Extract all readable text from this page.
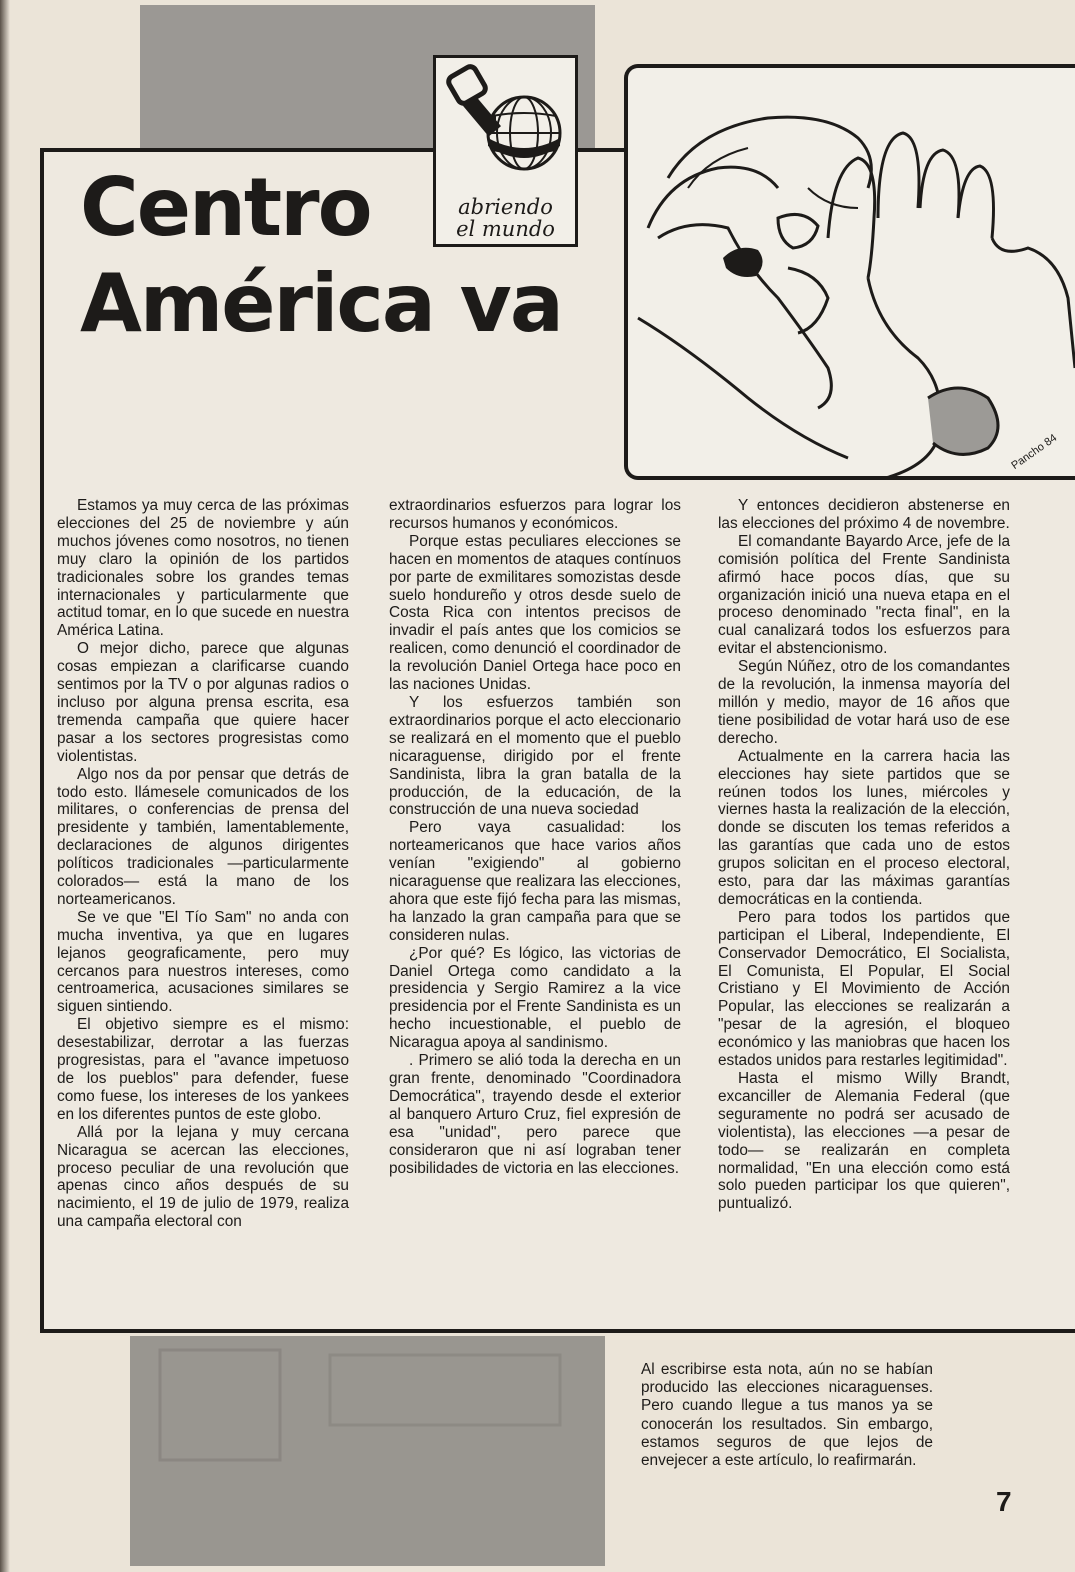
Centro
América va
abriendo
el mundo
Pancho 84

Estamos ya muy cerca de las próximas elecciones del 25 de noviembre y aún muchos jóvenes como nosotros, no tienen muy claro la opinión de los partidos tradicionales sobre los grandes temas internacionales y particularmente que actitud tomar, en lo que sucede en nuestra América Latina.

O mejor dicho, parece que algunas cosas empiezan a clarificarse cuando sentimos por la TV o por algunas radios o incluso por alguna prensa escrita, esa tremenda campaña que quiere hacer pasar a los sectores progresistas como violentistas.

Algo nos da por pensar que detrás de todo esto. llámesele comunicados de los militares, o conferencias de prensa del presidente y también, lamentablemente, declaraciones de algunos dirigentes políticos tradicionales —particularmente colorados— está la mano de los norteamericanos.

Se ve que "El Tío Sam" no anda con mucha inventiva, ya que en lugares lejanos geograficamente, pero muy cercanos para nuestros intereses, como centroamerica, acusaciones similares se siguen sintiendo.

El objetivo siempre es el mismo: desestabilizar, derrotar a las fuerzas progresistas, para el "avance impetuoso de los pueblos" para defender, fuese como fuese, los intereses de los yankees en los diferentes puntos de este globo.

Allá por la lejana y muy cercana Nicaragua se acercan las elecciones, proceso peculiar de una revolución que apenas cinco años después de su nacimiento, el 19 de julio de 1979, realiza una campaña electoral con

extraordinarios esfuerzos para lograr los recursos humanos y económicos.

Porque estas peculiares elecciones se hacen en momentos de ataques contínuos por parte de exmilitares somozistas desde suelo hondureño y otros desde suelo de Costa Rica con intentos precisos de invadir el país antes que los comicios se realicen, como denunció el coordinador de la revolución Daniel Ortega hace poco en las naciones Unidas.

Y los esfuerzos también son extraordinarios porque el acto eleccionario se realizará en el momento que el pueblo nicaraguense, dirigido por el frente Sandinista, libra la gran batalla de la producción, de la educación, de la construcción de una nueva sociedad

Pero vaya casualidad: los norteamericanos que hace varios años venían "exigiendo" al gobierno nicaraguense que realizara las elecciones, ahora que este fijó fecha para las mismas, ha lanzado la gran campaña para que se consideren nulas.

¿Por qué? Es lógico, las victorias de Daniel Ortega como candidato a la presidencia y Sergio Ramirez a la vice presidencia por el Frente Sandinista es un hecho incuestionable, el pueblo de Nicaragua apoya al sandinismo.

. Primero se alió toda la derecha en un gran frente, denominado "Coordinadora Democrática", trayendo desde el exterior al banquero Arturo Cruz, fiel expresión de esa "unidad", pero parece que consideraron que ni así lograban tener posibilidades de victoria en las elecciones.

Y entonces decidieron abstenerse en las elecciones del próximo 4 de novembre.

El comandante Bayardo Arce, jefe de la comisión política del Frente Sandinista afirmó hace pocos días, que su organización inició una nueva etapa en el proceso denominado "recta final", en la cual canalizará todos los esfuerzos para evitar el abstencionismo.

Según Núñez, otro de los comandantes de la revolución, la inmensa mayoría del millón y medio, mayor de 16 años que tiene posibilidad de votar hará uso de ese derecho.

Actualmente en la carrera hacia las elecciones hay siete partidos que se reúnen todos los lunes, miércoles y viernes hasta la realización de la elección, donde se discuten los temas referidos a las garantías que cada uno de estos grupos solicitan en el proceso electoral, esto, para dar las máximas garantías democráticas en la contienda.

Pero para todos los partidos que participan el Liberal, Independiente, El Conservador Democrático, El Socialista, El Comunista, El Popular, El Social Cristiano y El Movimiento de Acción Popular, las elecciones se realizarán a "pesar de la agresión, el bloqueo económico y las maniobras que hacen los estados unidos para restarles legitimidad".

Hasta el mismo Willy Brandt, excanciller de Alemania Federal (que seguramente no podrá ser acusado de violentista), las elecciones —a pesar de todo— se realizarán en completa normalidad, "En una elección como está solo pueden participar los que quieren", puntualizó.

Al escribirse esta nota, aún no se habían producido las elecciones nicaraguenses. Pero cuando llegue a tus manos ya se conocerán los resultados. Sin embargo, estamos seguros de que lejos de envejecer a este artículo, lo reafirmarán.

7
